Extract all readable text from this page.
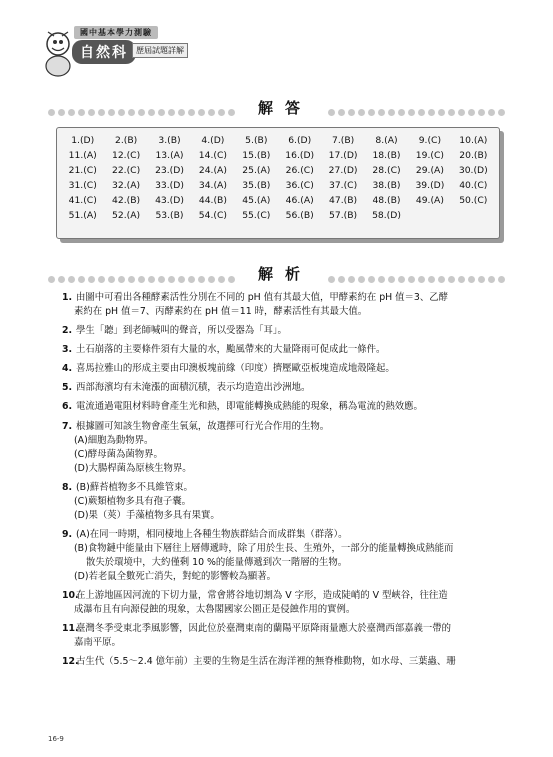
國中基本學力測驗
自然科	歷屆試題詳解
解答
1.(D)	2.(B)	3.(B)	4.(D)	5.(B)	6.(D)	7.(B)	8.(A)	9.(C)	10.(A)
11.(A)	12.(C)	13.(A)	14.(C)	15.(B)	16.(D)	17.(D)	18.(B)	19.(C)	20.(B)
21.(C)	22.(C)	23.(D)	24.(A)	25.(A)	26.(C)	27.(D)	28.(C)	29.(A)	30.(D)
31.(C)	32.(A)	33.(D)	34.(A)	35.(B)	36.(C)	37.(C)	38.(B)	39.(D)	40.(C)
41.(C)	42.(B)	43.(D)	44.(B)	45.(A)	46.(A)	47.(B)	48.(B)	49.(A)	50.(C)
51.(A)	52.(A)	53.(B)	54.(C)	55.(C)	56.(B)	57.(B)	58.(D)
解析
1. 由圖中可看出各種酵素活性分別在不同的 pH 值有其最大值，甲酵素約在 pH 值＝3、乙酵
素約在 pH 值＝7、丙酵素約在 pH 值＝11 時，酵素活性有其最大值。
2. 學生「聽」到老師喊叫的聲音，所以受器為「耳」。
3. 土石崩落的主要條件須有大量的水，颱風帶來的大量降雨可促成此一條件。
4. 喜馬拉雅山的形成主要由印澳板塊前緣（印度）擠壓歐亞板塊造成地殼隆起。
5. 西部海濱均有未淹漲的面積沉積，表示均造造出沙洲地。
6. 電流通過電阻材料時會產生光和熱，即電能轉換成熱能的現象，稱為電流的熱效應。
7. 根據圖可知該生物會產生氧氣，故選擇可行光合作用的生物。
(A)細胞為動物界。
(C)酵母菌為菌物界。
(D)大腸桿菌為原核生物界。
8. (B)蘚苔植物多不具維管束。
(C)蕨類植物多具有孢子囊。
(D)果（莢）手藻植物多具有果實。
9. (A)在同一時期，相同棲地上各種生物族群結合而成群集（群落）。
(B)食物鏈中能量由下層往上層傳遞時，除了用於生長、生殖外，一部分的能量轉換成熱能而
散失於環境中，大約僅剩 10 %的能量傳遞到次一階層的生物。
(D)若老鼠全數死亡消失，對蛇的影響較為顯著。
10.在上游地區因河流的下切力量，常會將谷地切割為 V 字形，造成陡峭的 V 型峽谷，往往造
成瀑布且有向源侵蝕的現象，太魯閣國家公園正是侵蝕作用的實例。
11.臺灣冬季受東北季風影響，因此位於臺灣東南的蘭陽平原降雨量應大於臺灣西部嘉義一帶的
嘉南平原。
12.古生代（5.5～2.4 億年前）主要的生物是生活在海洋裡的無脊椎動物，如水母、三葉蟲、珊
16-9
